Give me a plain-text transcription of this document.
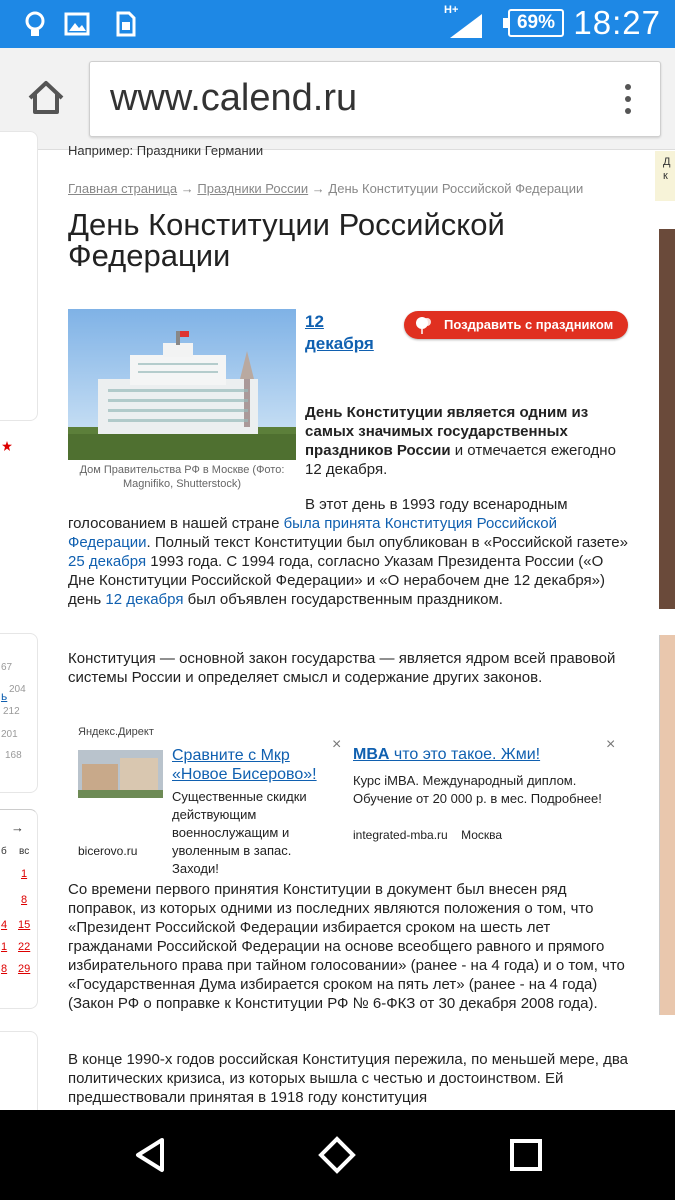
H+
69% 18:27
www.calend.ru
67
204
ь
212
201
168
→
б вс
1
8
4 15
1 22
8 29
Д
к
Например: Праздники Германии
Главная страница → Праздники России → День Конституции Российской Федерации
День Конституции Российской Федерации
Дом Правительства РФ в Москве (Фото: Magnifiko, Shutterstock)
12
декабря
Поздравить с праздником

День Конституции является одним из самых значимых государственных праздников России и отмечается ежегодно 12 декабря.

В этот день в 1993 году всенародным голосованием в нашей стране была принята Конституция Российской Федерации. Полный текст Конституции был опубликован в «Российской газете» 25 декабря 1993 года. С 1994 года, согласно Указам Президента России («О Дне Конституции Российской Федерации» и «О нерабочем дне 12 декабря») день 12 декабря был объявлен государственным праздником.

Конституция — основной закон государства — является ядром всей правовой системы России и определяет смысл и содержание других законов.

Яндекс.Директ
Сравните с Мкр «Новое Бисерово»!
Существенные скидки действующим военнослужащим и уволенным в запас. Заходи!
bicerovo.ru
×
MBA что это такое. Жми!
Курс iMBA. Международный диплом. Обучение от 20 000 р. в мес. Подробнее!
integrated-mba.ru Москва
×

Со времени первого принятия Конституции в документ был внесен ряд поправок, из которых одними из последних являются положения о том, что «Президент Российской Федерации избирается сроком на шесть лет гражданами Российской Федерации на основе всеобщего равного и прямого избирательного права при тайном голосовании» (ранее - на 4 года) и о том, что «Государственная Дума избирается сроком на пять лет» (ранее - на 4 года) (Закон РФ о поправке к Конституции РФ № 6-ФКЗ от 30 декабря 2008 года).

В конце 1990-х годов российская Конституция пережила, по меньшей мере, два политических кризиса, из которых вышла с честью и достоинством. Ей предшествовали принятая в 1918 году конституция
